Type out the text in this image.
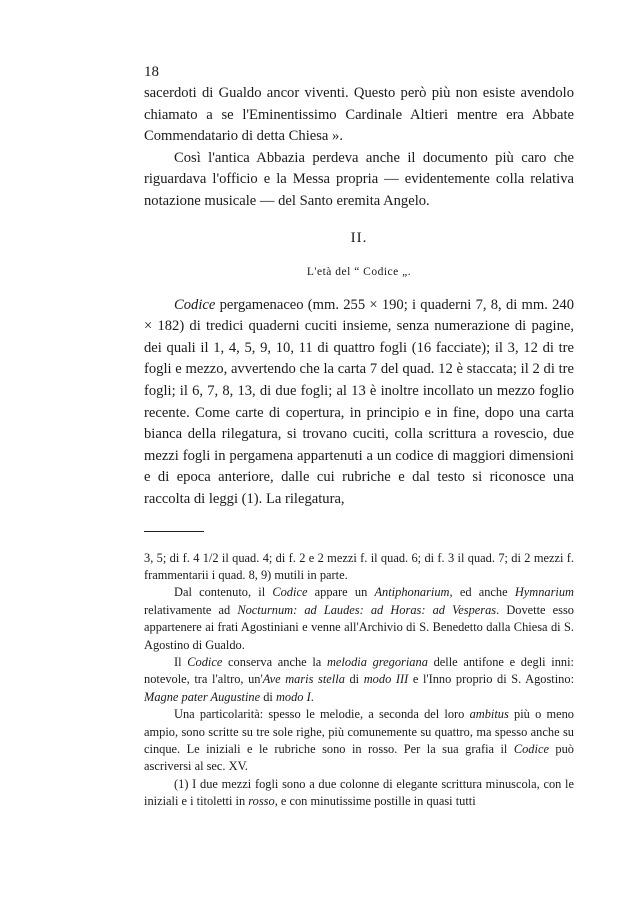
18

sacerdoti di Gualdo ancor viventi. Questo però più non esiste avendolo chiamato a se l'Eminentissimo Cardinale Altieri mentre era Abbate Commendatario di detta Chiesa ».

Così l'antica Abbazia perdeva anche il documento più caro che riguardava l'officio e la Messa propria — evidentemente colla relativa notazione musicale — del Santo eremita Angelo.

II.
L'età del “ Codice „.

Codice pergamenaceo (mm. 255 × 190; i quaderni 7, 8, di mm. 240 × 182) di tredici quaderni cuciti insieme, senza numerazione di pagine, dei quali il 1, 4, 5, 9, 10, 11 di quattro fogli (16 facciate); il 3, 12 di tre fogli e mezzo, avvertendo che la carta 7 del quad. 12 è staccata; il 2 di tre fogli; il 6, 7, 8, 13, di due fogli; al 13 è inoltre incollato un mezzo foglio recente. Come carte di copertura, in principio e in fine, dopo una carta bianca della rilegatura, si trovano cuciti, colla scrittura a rovescio, due mezzi fogli in pergamena appartenuti a un codice di maggiori dimensioni e di epoca anteriore, dalle cui rubriche e dal testo si riconosce una raccolta di leggi (1). La rilegatura,

3, 5; di f. 4 1/2 il quad. 4; di f. 2 e 2 mezzi f. il quad. 6; di f. 3 il quad. 7; di 2 mezzi f. frammentarii i quad. 8, 9) mutili in parte.

Dal contenuto, il Codice appare un Antiphonarium, ed anche Hymnarium relativamente ad Nocturnum: ad Laudes: ad Horas: ad Vesperas. Dovette esso appartenere ai frati Agostiniani e venne all'Archivio di S. Benedetto dalla Chiesa di S. Agostino di Gualdo.

Il Codice conserva anche la melodia gregoriana delle antifone e degli inni: notevole, tra l'altro, un'Ave maris stella di modo III e l'Inno proprio di S. Agostino: Magne pater Augustine di modo I.

Una particolarità: spesso le melodie, a seconda del loro ambitus più o meno ampio, sono scritte su tre sole righe, più comunemente su quattro, ma spesso anche su cinque. Le iniziali e le rubriche sono in rosso. Per la sua grafia il Codice può ascriversi al sec. XV.

(1) I due mezzi fogli sono a due colonne di elegante scrittura minuscola, con le iniziali e i titoletti in rosso, e con minutissime postille in quasi tutti
